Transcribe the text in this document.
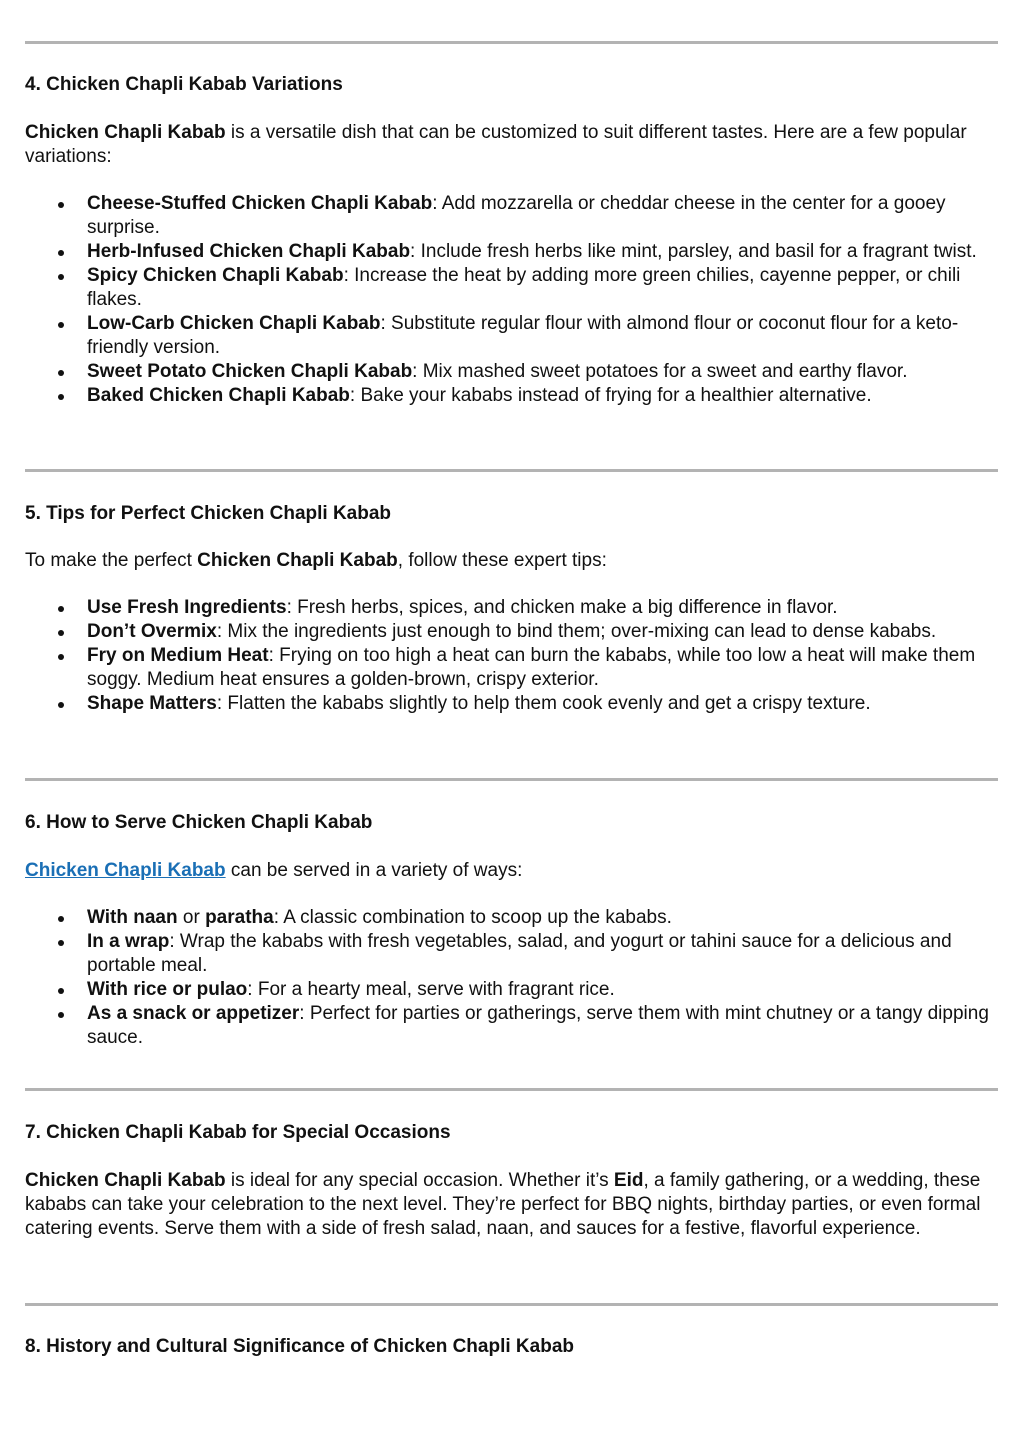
4. Chicken Chapli Kabab Variations

Chicken Chapli Kabab is a versatile dish that can be customized to suit different tastes. Here are a few popular variations:

Cheese-Stuffed Chicken Chapli Kabab: Add mozzarella or cheddar cheese in the center for a gooey surprise.
Herb-Infused Chicken Chapli Kabab: Include fresh herbs like mint, parsley, and basil for a fragrant twist.
Spicy Chicken Chapli Kabab: Increase the heat by adding more green chilies, cayenne pepper, or chili flakes.
Low-Carb Chicken Chapli Kabab: Substitute regular flour with almond flour or coconut flour for a keto-friendly version.
Sweet Potato Chicken Chapli Kabab: Mix mashed sweet potatoes for a sweet and earthy flavor.
Baked Chicken Chapli Kabab: Bake your kababs instead of frying for a healthier alternative.
5. Tips for Perfect Chicken Chapli Kabab

To make the perfect Chicken Chapli Kabab, follow these expert tips:

Use Fresh Ingredients: Fresh herbs, spices, and chicken make a big difference in flavor.
Don’t Overmix: Mix the ingredients just enough to bind them; over-mixing can lead to dense kababs.
Fry on Medium Heat: Frying on too high a heat can burn the kababs, while too low a heat will make them soggy. Medium heat ensures a golden-brown, crispy exterior.
Shape Matters: Flatten the kababs slightly to help them cook evenly and get a crispy texture.
6. How to Serve Chicken Chapli Kabab

Chicken Chapli Kabab can be served in a variety of ways:

With naan or paratha: A classic combination to scoop up the kababs.
In a wrap: Wrap the kababs with fresh vegetables, salad, and yogurt or tahini sauce for a delicious and portable meal.
With rice or pulao: For a hearty meal, serve with fragrant rice.
As a snack or appetizer: Perfect for parties or gatherings, serve them with mint chutney or a tangy dipping sauce.
7. Chicken Chapli Kabab for Special Occasions

Chicken Chapli Kabab is ideal for any special occasion. Whether it’s Eid, a family gathering, or a wedding, these kababs can take your celebration to the next level. They’re perfect for BBQ nights, birthday parties, or even formal catering events. Serve them with a side of fresh salad, naan, and sauces for a festive, flavorful experience.

8. History and Cultural Significance of Chicken Chapli Kabab
